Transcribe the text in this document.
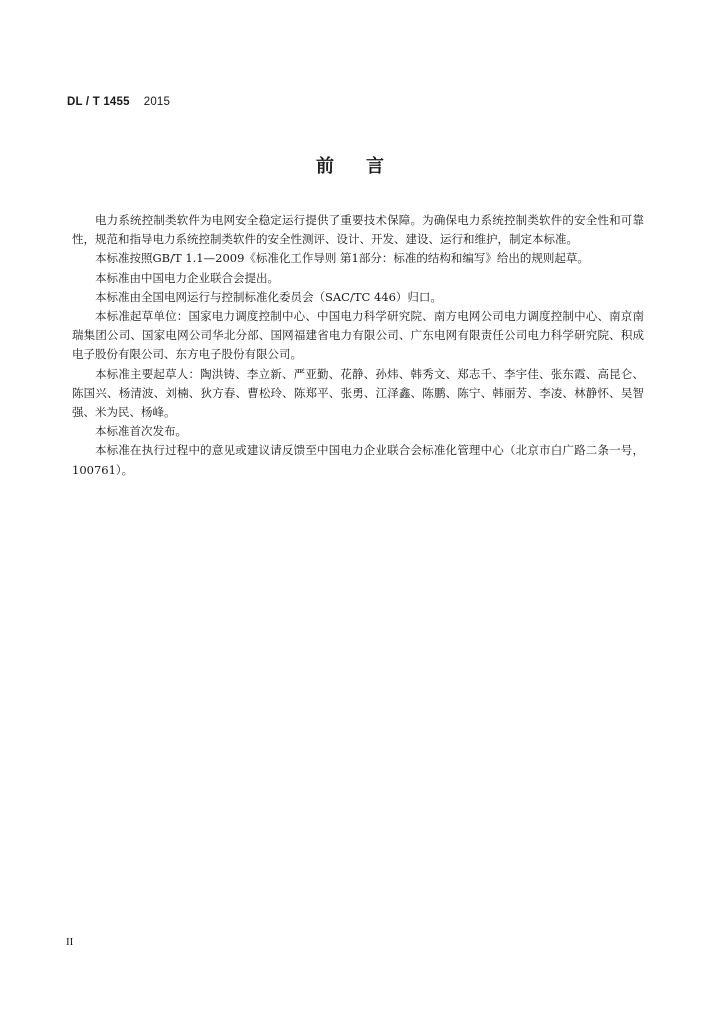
DL / T 1455 2015
前言

电力系统控制类软件为电网安全稳定运行提供了重要技术保障。为确保电力系统控制类软件的安全性和可靠性，规范和指导电力系统控制类软件的安全性测评、设计、开发、建设、运行和维护，制定本标准。

本标准按照GB/T 1.1—2009《标准化工作导则 第1部分：标准的结构和编写》给出的规则起草。

本标准由中国电力企业联合会提出。

本标准由全国电网运行与控制标准化委员会（SAC/TC 446）归口。

本标准起草单位：国家电力调度控制中心、中国电力科学研究院、南方电网公司电力调度控制中心、南京南瑞集团公司、国家电网公司华北分部、国网福建省电力有限公司、广东电网有限责任公司电力科学研究院、积成电子股份有限公司、东方电子股份有限公司。

本标准主要起草人：陶洪铸、李立新、严亚勤、花静、孙炜、韩秀文、郑志千、李宇佳、张东霞、高昆仑、陈国兴、杨清波、刘楠、狄方春、曹松玲、陈郑平、张勇、江泽鑫、陈鹏、陈宁、韩丽芳、李凌、林静怀、吴智强、米为民、杨峰。

本标准首次发布。

本标准在执行过程中的意见或建议请反馈至中国电力企业联合会标准化管理中心（北京市白广路二条一号，100761）。

II
